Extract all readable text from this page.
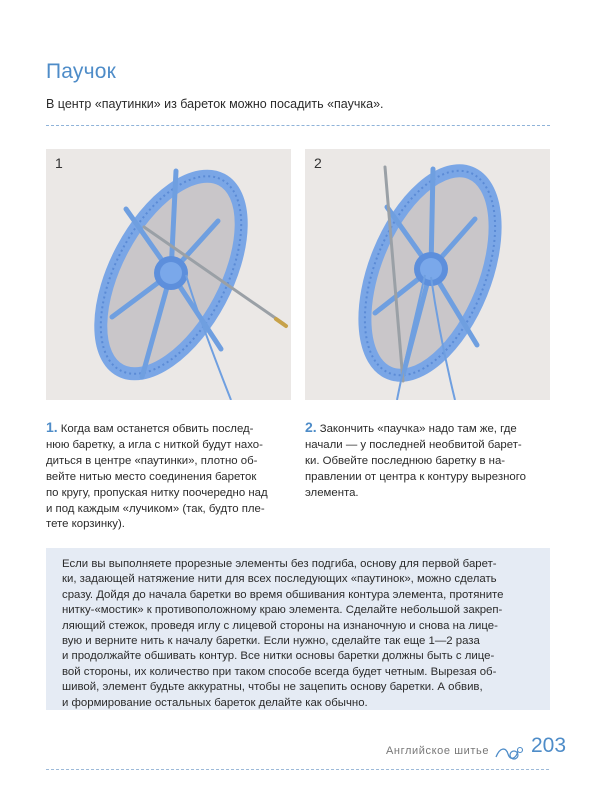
Паучок
В центр «паутинки» из бареток можно посадить «паучка».
1	2

1. Когда вам останется обвить послед-

нюю баретку, а игла с ниткой будут нахо-

диться в центре «паутинки», плотно об-

вейте нитью место соединения бареток

по кругу, пропуская нитку поочередно над

и под каждым «лучиком» (так, будто пле-

тете корзинку).

2. Закончить «паучка» надо там же, где

начали — у последней необвитой барет-

ки. Обвейте последнюю баретку в на-

правлении от центра к контуру вырезного

элемента.

Если вы выполняете прорезные элементы без подгиба, основу для первой барет-

ки, задающей натяжение нити для всех последующих «паутинок», можно сделать

сразу. Дойдя до начала баретки во время обшивания контура элемента, протяните

нитку-«мостик» к противоположному краю элемента. Сделайте небольшой закреп-

ляющий стежок, проведя иглу с лицевой стороны на изнаночную и снова на лице-

вую и верните нить к началу баретки. Если нужно, сделайте так еще 1—2 раза

и продолжайте обшивать контур. Все нитки основы баретки должны быть с лице-

вой стороны, их количество при таком способе всегда будет четным. Вырезая об-

шивой, элемент будьте аккуратны, чтобы не зацепить основу баретки. А обвив,

и формирование остальных бареток делайте как обычно.

Английское шитье 203
